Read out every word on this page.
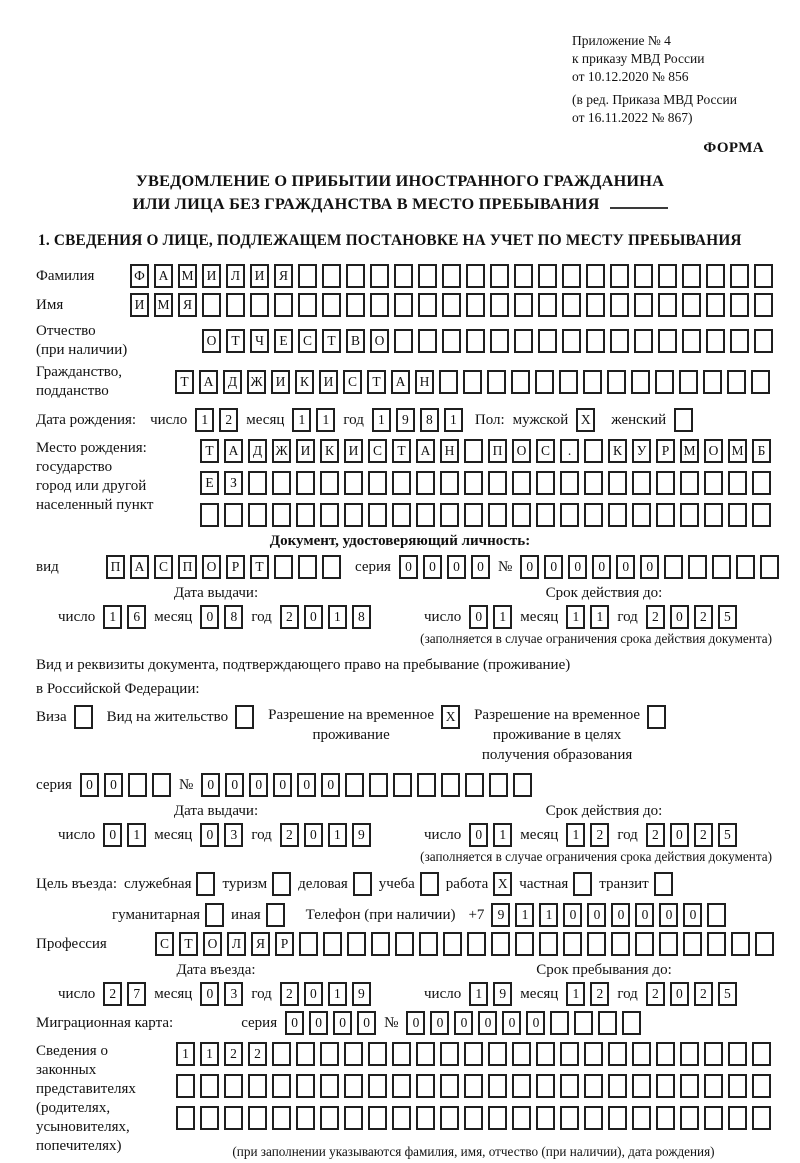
Приложение № 4
к приказу МВД России
от 10.12.2020 № 856
(в ред. Приказа МВД России
от 16.11.2022 № 867)
ФОРМА
УВЕДОМЛЕНИЕ О ПРИБЫТИИ ИНОСТРАННОГО ГРАЖДАНИНА
ИЛИ ЛИЦА БЕЗ ГРАЖДАНСТВА В МЕСТО ПРЕБЫВАНИЯ
1. СВЕДЕНИЯ О ЛИЦЕ, ПОДЛЕЖАЩЕМ ПОСТАНОВКЕ НА УЧЕТ ПО МЕСТУ ПРЕБЫВАНИЯ
Фамилия	Ф	А М И	Л	И	Я
Имя	И М Я
Отчество
(при наличии)
О	Т	Ч	Е	С	Т	В	О
Гражданство,
подданство
Т	А	Д Ж И	К	И	С	Т	А	Н
Дата рождения: число	1	2 месяц	1	1 год	1	9	8	1	Пол: мужской X	женский
Место рождения:
государство
город или другой
населенный пункт
Т	А	Д Ж И	К	И	С	Т	А	Н	П	О	С	.	К	У	Р	М О М	Б
Е	З
Документ, удостоверяющий личность:
вид	П	А	С	П	О	Р	Т	серия	0	0	0	0 №	0	0	0	0	0	0
Дата выдачи:
число	1	6 месяц	0	8 год	2	0	1	8
Срок действия до:
число	0	1 месяц	1	1 год	2	0	2	5
(заполняется в случае ограничения срока действия документа)
Вид и реквизиты документа, подтверждающего право на пребывание (проживание)
в Российской Федерации:
Виза	Вид на жительство	Разрешение на временное
проживание
X	Разрешение на временное
проживание в целях
получения образования
серия	0	0	№	0	0	0	0	0	0
Дата выдачи:
число	0	1 месяц	0	3 год	2	0	1	9
Срок действия до:
число	0	1 месяц	1	2 год	2	0	2	5
(заполняется в случае ограничения срока действия документа)
Цель въезда: служебная туризм деловая учеба работа X частная транзит
гуманитарная иная	Телефон (при наличии) +7 9	1	1	0	0	0	0	0	0
Профессия	С	Т	О	Л	Я	Р
Дата въезда:
число	2	7 месяц	0	3 год	2	0	1	9
Срок пребывания до:
число	1	9 месяц	1	2 год	2	0	2	5
Миграционная карта:	серия	0	0	0	0 №	0	0	0	0	0	0
Сведения о
законных
представителях
(родителях,
усыновителях,
попечителях)
1	1	2	2
(при заполнении указываются фамилия, имя, отчество (при наличии), дата рождения)
